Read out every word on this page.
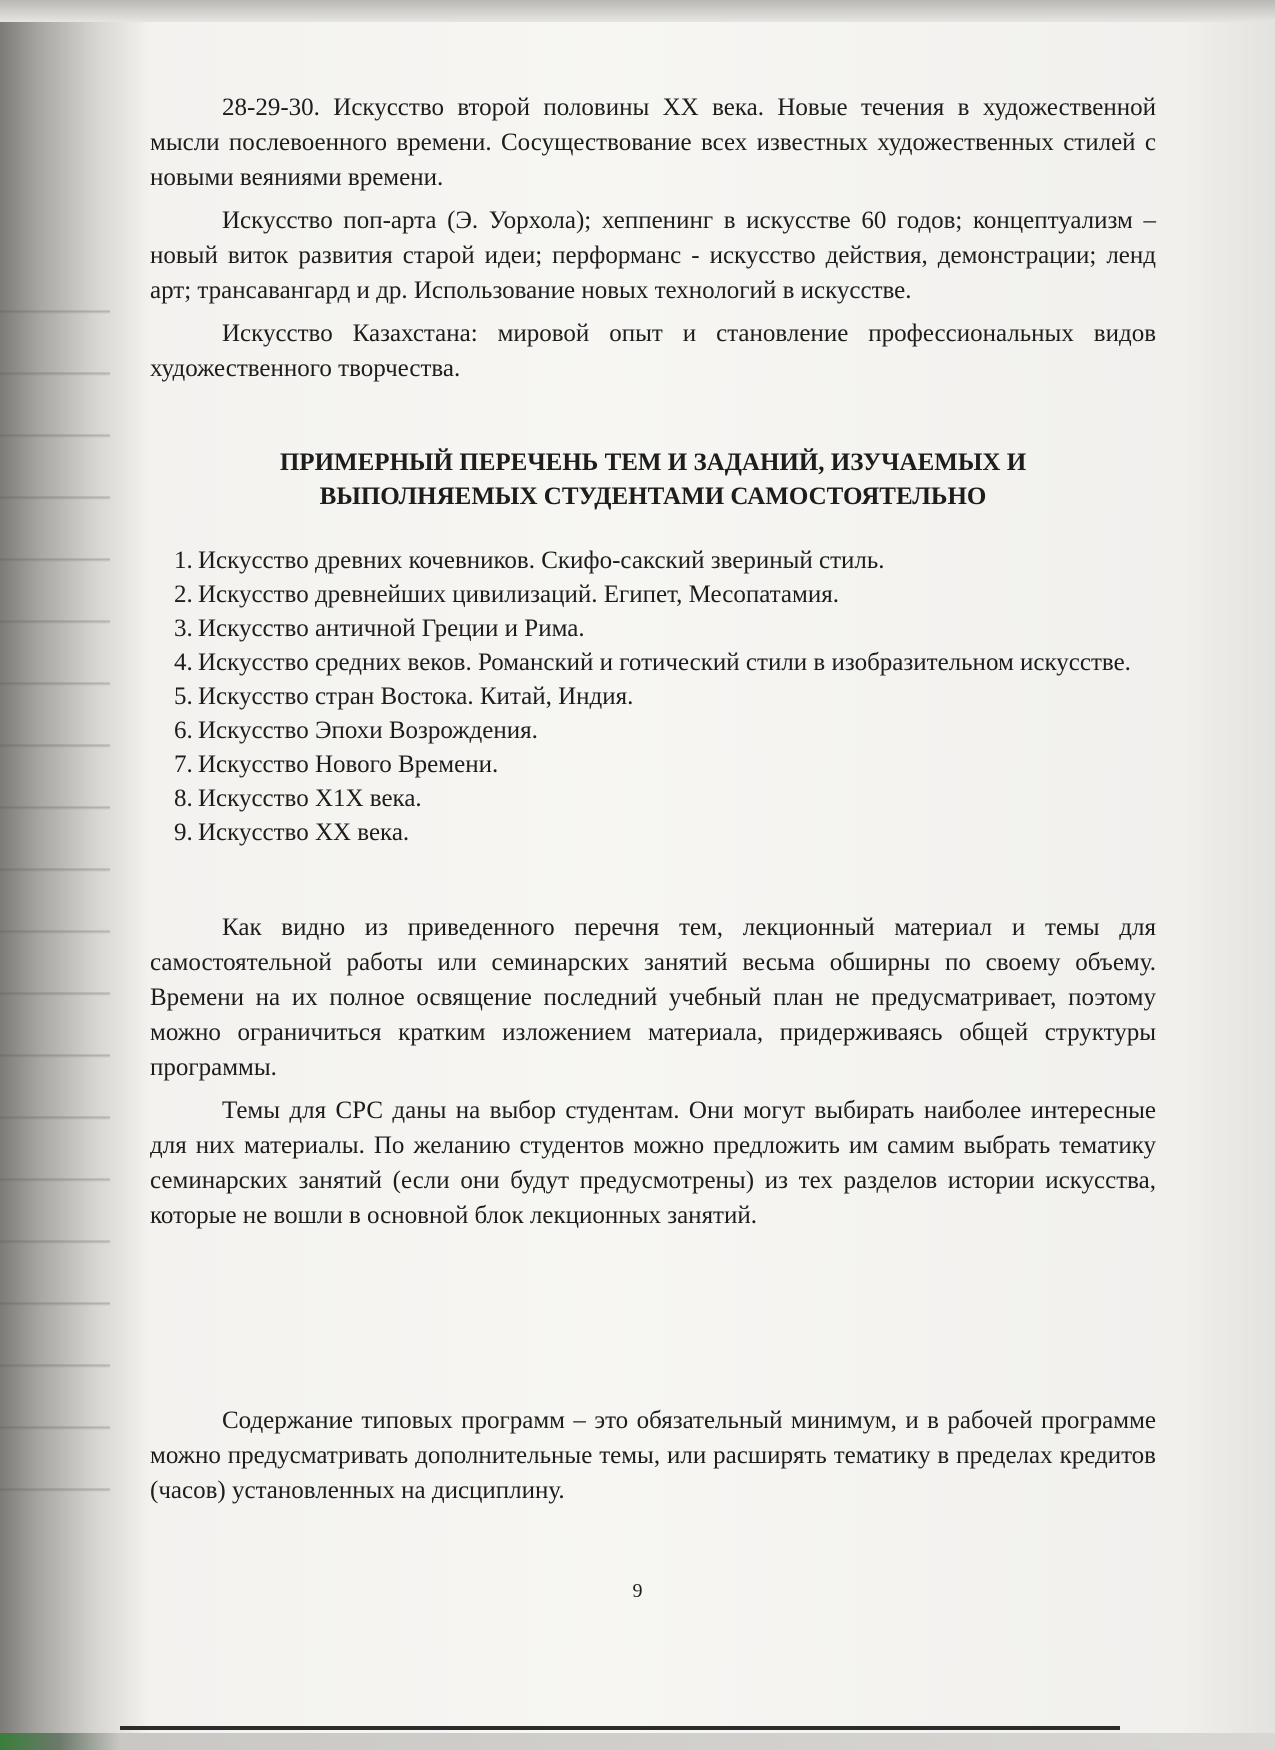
28-29-30. Искусство второй половины XX века. Новые течения в художественной мысли послевоенного времени. Сосуществование всех известных художественных стилей с новыми веяниями времени.

Искусство поп-арта (Э. Уорхола); хеппенинг в искусстве 60 годов; концептуализм – новый виток развития старой идеи; перформанс - искусство действия, демонстрации; ленд арт; трансавангард и др. Использование новых технологий в искусстве.

Искусство Казахстана: мировой опыт и становление профессиональных видов художественного творчества.

ПРИМЕРНЫЙ ПЕРЕЧЕНЬ ТЕМ И ЗАДАНИЙ, ИЗУЧАЕМЫХ И
ВЫПОЛНЯЕМЫХ СТУДЕНТАМИ САМОСТОЯТЕЛЬНО
1. Искусство древних кочевников. Скифо-сакский звериный стиль.
2. Искусство древнейших цивилизаций. Египет, Месопатамия.
3. Искусство античной Греции и Рима.
4. Искусство средних веков. Романский и готический стили в изобразительном искусстве.
5. Искусство стран Востока. Китай, Индия.
6. Искусство Эпохи Возрождения.
7. Искусство Нового Времени.
8. Искусство Х1Х века.
9. Искусство ХХ века.

Как видно из приведенного перечня тем, лекционный материал и темы для самостоятельной работы или семинарских занятий весьма обширны по своему объему. Времени на их полное освящение последний учебный план не предусматривает, поэтому можно ограничиться кратким изложением материала, придерживаясь общей структуры программы.

Темы для СРС даны на выбор студентам. Они могут выбирать наиболее интересные для них материалы. По желанию студентов можно предложить им самим выбрать тематику семинарских занятий (если они будут предусмотрены) из тех разделов истории искусства, которые не вошли в основной блок лекционных занятий.

Содержание типовых программ – это обязательный минимум, и в рабочей программе можно предусматривать дополнительные темы, или расширять тематику в пределах кредитов (часов) установленных на дисциплину.

9
